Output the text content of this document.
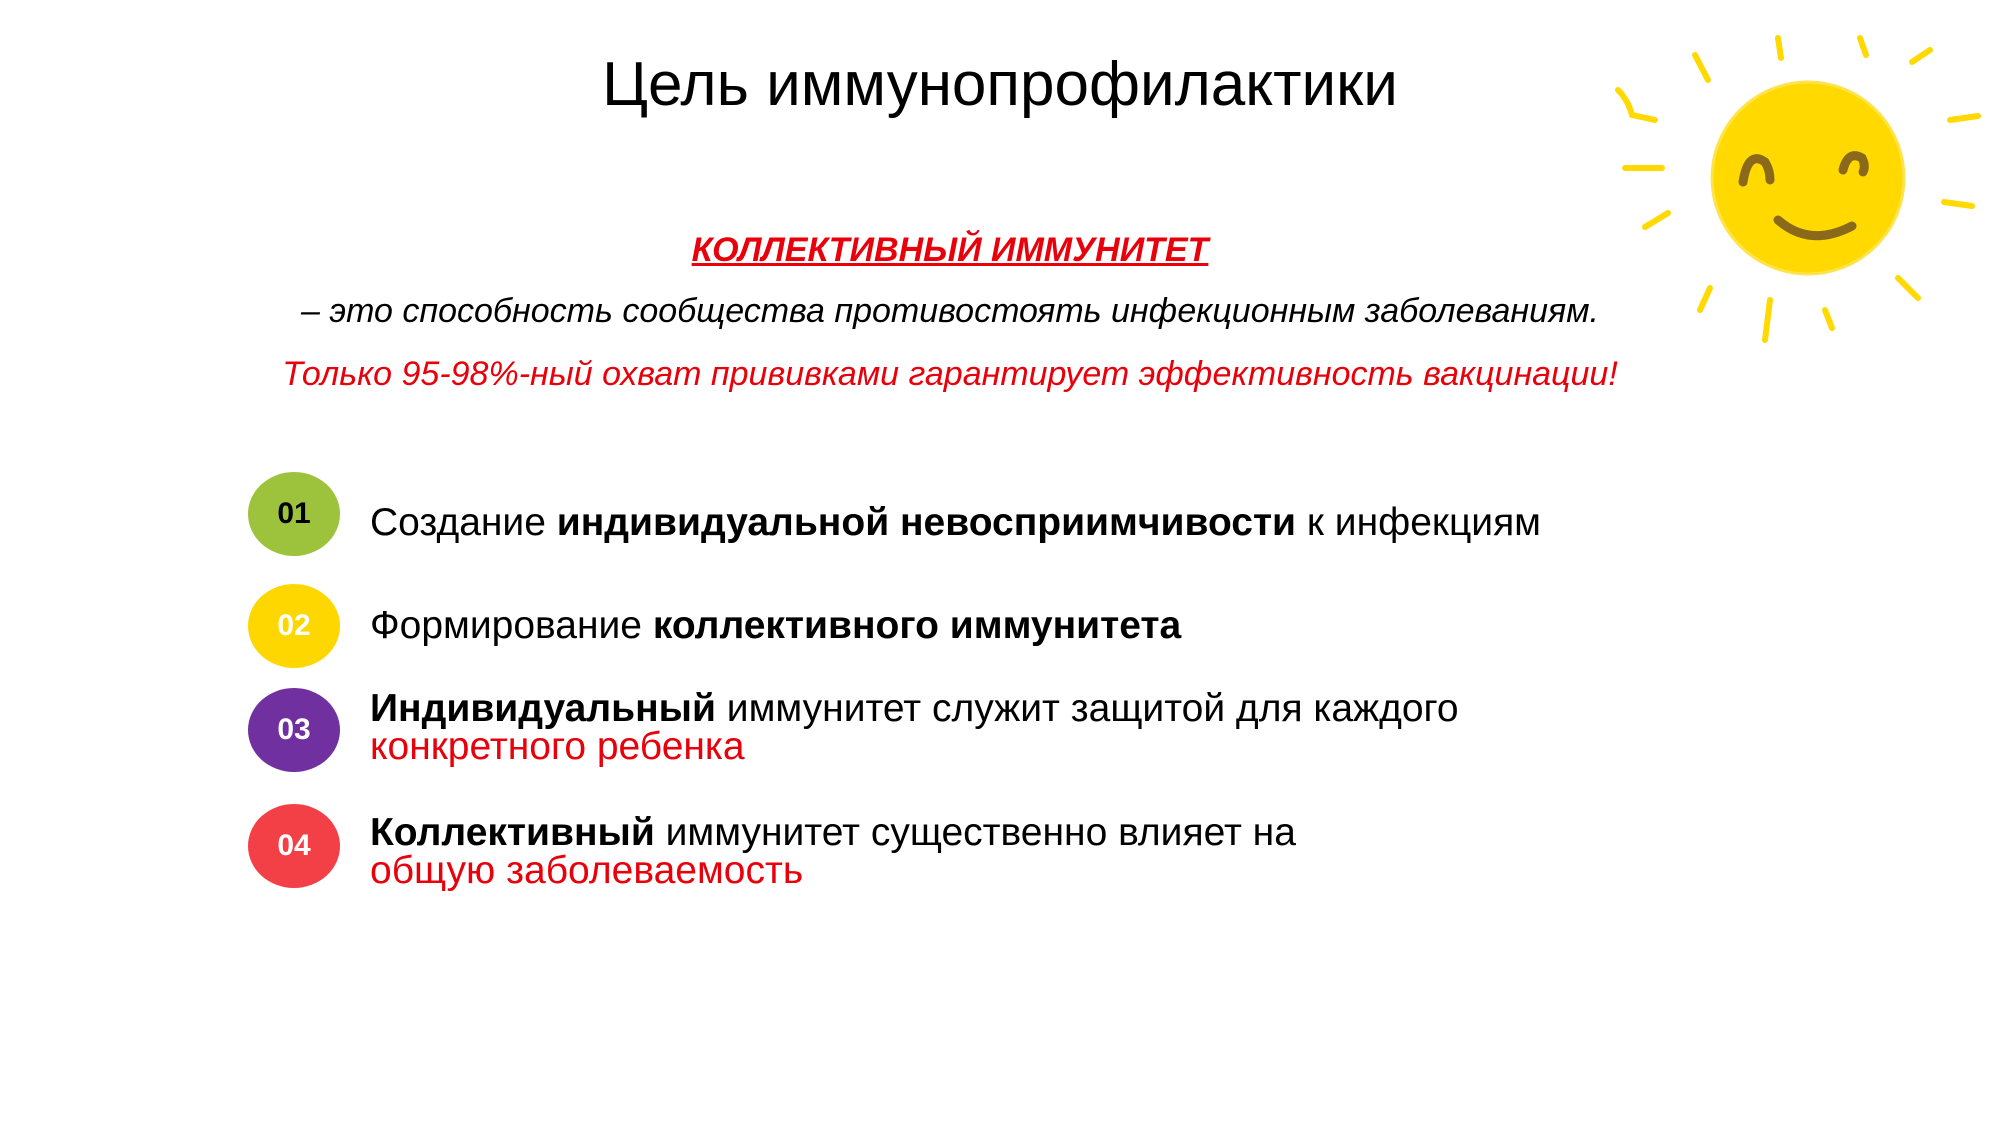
Цель иммунопрофилактики
КОЛЛЕКТИВНЫЙ ИММУНИТЕТ
– это способность сообщества противостоять инфекционным заболеваниям.
Только 95-98%-ный охват прививками гарантирует эффективность вакцинации!
01 Создание индивидуальной невосприимчивости к инфекциям
02 Формирование коллективного иммунитета
03 Индивидуальный иммунитет служит защитой для каждого
конкретного ребенка
04 Коллективный иммунитет существенно влияет на
общую заболеваемость
